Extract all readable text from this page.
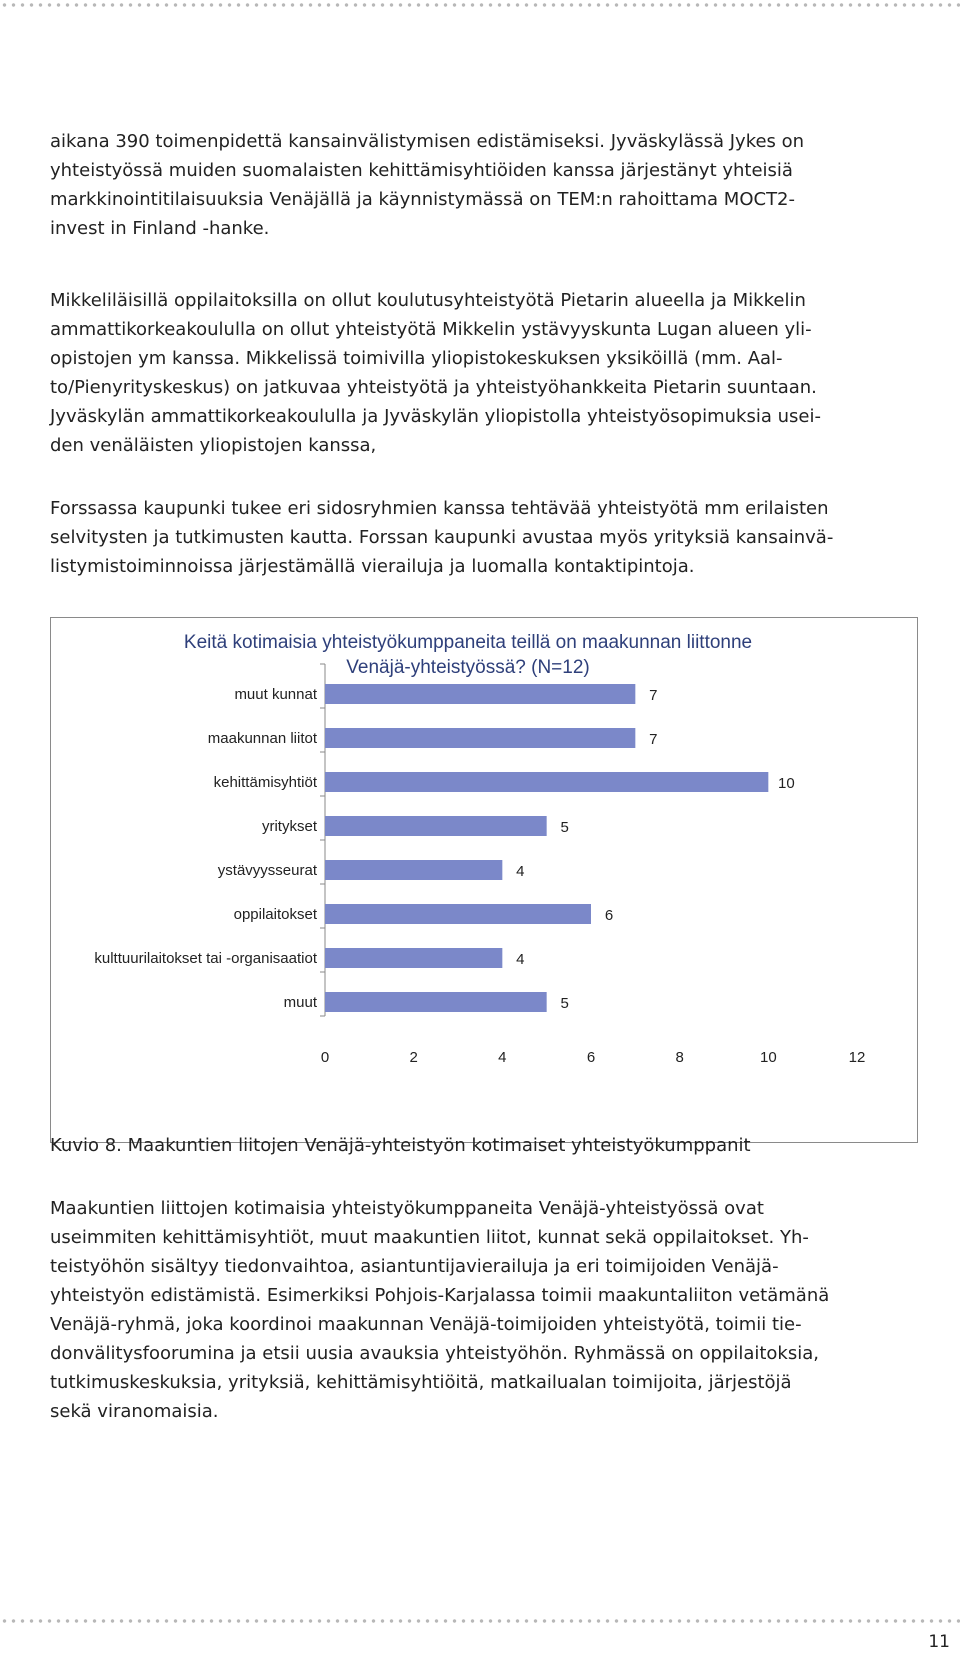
aikana 390 toimenpidettä kansainvälistymisen edistämiseksi. Jyväskylässä Jykes on
yhteistyössä muiden suomalaisten kehittämisyhtiöiden kanssa järjestänyt yhteisiä
markkinointitilaisuuksia Venäjällä ja käynnistymässä on TEM:n rahoittama MOCT2-
invest in Finland -hanke.

Mikkeliläisillä oppilaitoksilla on ollut koulutusyhteistyötä Pietarin alueella ja Mikkelin
ammattikorkeakoululla on ollut yhteistyötä Mikkelin ystävyyskunta Lugan alueen yli-
opistojen ym kanssa. Mikkelissä toimivilla yliopistokeskuksen yksiköillä (mm. Aal-
to/Pienyrityskeskus) on jatkuvaa yhteistyötä ja yhteistyöhankkeita Pietarin suuntaan.
Jyväskylän ammattikorkeakoululla ja Jyväskylän yliopistolla yhteistyösopimuksia usei-
den venäläisten yliopistojen kanssa,

Forssassa kaupunki tukee eri sidosryhmien kanssa tehtävää yhteistyötä mm erilaisten
selvitysten ja tutkimusten kautta. Forssan kaupunki avustaa myös yrityksiä kansainvä-
listymistoiminnoissa järjestämällä vierailuja ja luomalla kontaktipintoja.

Keitä kotimaisia yhteistyökumppaneita teillä on maakunnan liittonne
Venäjä-yhteistyössä? (N=12)
muut kunnat	7
maakunnan liitot	7
kehittämisyhtiöt	10
yritykset	5
ystävyysseurat	4
oppilaitokset	6
kulttuurilaitokset tai -organisaatiot	4
muut	5
0	2	4	6	8	10	12

Kuvio 8. Maakuntien liitojen Venäjä-yhteistyön kotimaiset yhteistyökumppanit

Maakuntien liittojen kotimaisia yhteistyökumppaneita Venäjä-yhteistyössä ovat
useimmiten kehittämisyhtiöt, muut maakuntien liitot, kunnat sekä oppilaitokset. Yh-
teistyöhön sisältyy tiedonvaihtoa, asiantuntijavierailuja ja eri toimijoiden Venäjä-
yhteistyön edistämistä. Esimerkiksi Pohjois-Karjalassa toimii maakuntaliiton vetämänä
Venäjä-ryhmä, joka koordinoi maakunnan Venäjä-toimijoiden yhteistyötä, toimii tie-
donvälitysfoorumina ja etsii uusia avauksia yhteistyöhön. Ryhmässä on oppilaitoksia,
tutkimuskeskuksia, yrityksiä, kehittämisyhtiöitä, matkailualan toimijoita, järjestöjä
sekä viranomaisia.

11
